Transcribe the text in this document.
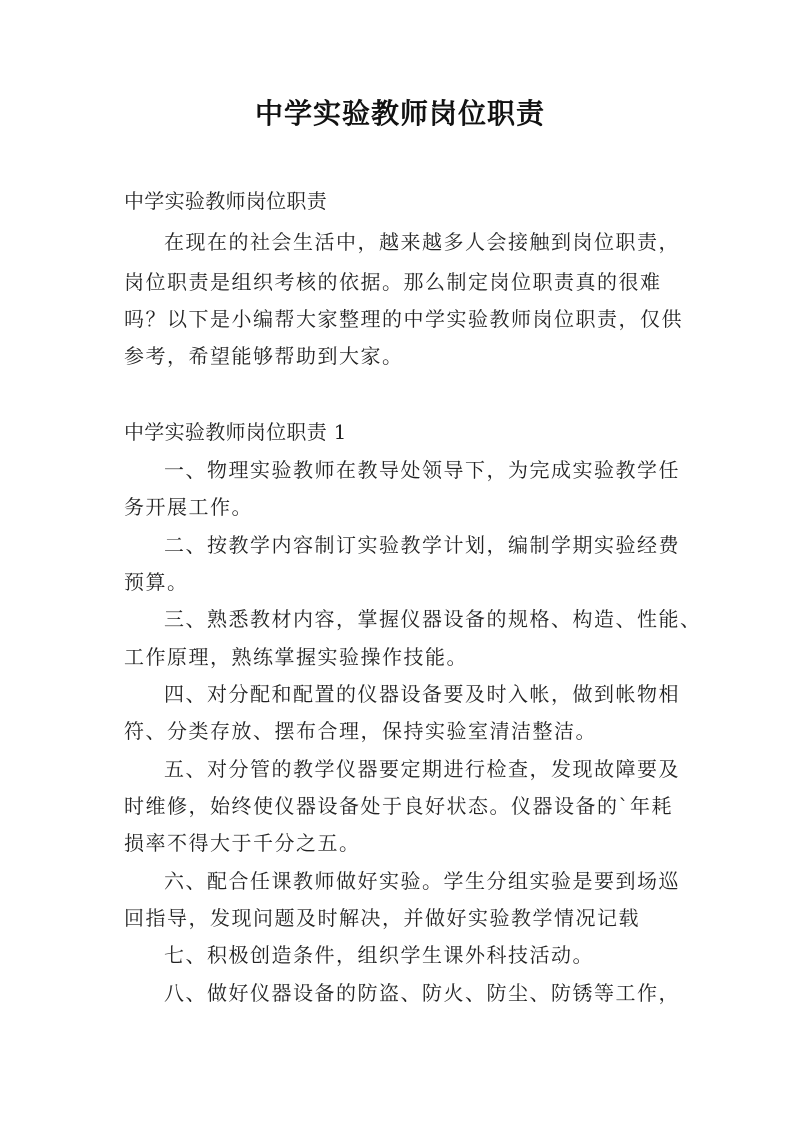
中学实验教师岗位职责
中学实验教师岗位职责
在现在的社会生活中，越来越多人会接触到岗位职责，
岗位职责是组织考核的依据。那么制定岗位职责真的很难
吗？以下是小编帮大家整理的中学实验教师岗位职责，仅供
参考，希望能够帮助到大家。
中学实验教师岗位职责 1
一、物理实验教师在教导处领导下，为完成实验教学任
务开展工作。
二、按教学内容制订实验教学计划，编制学期实验经费
预算。
三、熟悉教材内容，掌握仪器设备的规格、构造、性能、
工作原理，熟练掌握实验操作技能。
四、对分配和配置的仪器设备要及时入帐，做到帐物相
符、分类存放、摆布合理，保持实验室清洁整洁。
五、对分管的教学仪器要定期进行检查，发现故障要及
时维修，始终使仪器设备处于良好状态。仪器设备的`年耗
损率不得大于千分之五。
六、配合任课教师做好实验。学生分组实验是要到场巡
回指导，发现问题及时解决，并做好实验教学情况记载
七、积极创造条件，组织学生课外科技活动。
八、做好仪器设备的防盗、防火、防尘、防锈等工作，
